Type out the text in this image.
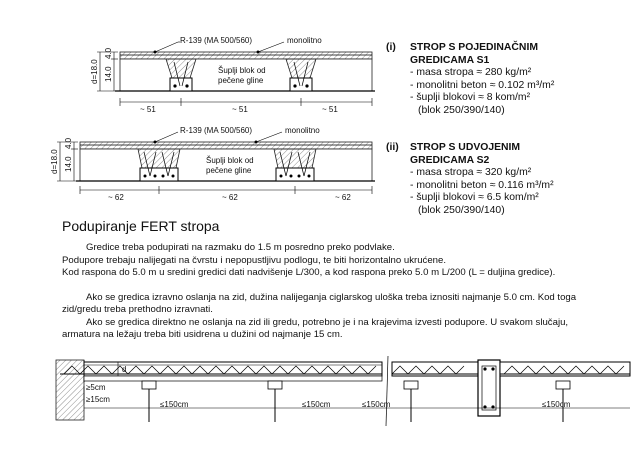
R-139 (MA 500/560)	monolitno
Šuplji blok od
pečene gline
d=18.0
4.0
14.0
~ 51	~ 51	~ 51
R-139 (MA 500/560)	monolitno
Šuplji blok od
pečene gline
d=18.0
4.0
14.0
~ 62	~ 62	~ 62
(i)	STROP S POJEDINAČNIM
GREDICAMA S1
- masa stropa ≈ 280 kg/m²
- monolitni beton ≈ 0.102 m³/m²
- šuplji blokovi ≈ 8 kom/m²
(blok 250/390/140)
(ii)	STROP S UDVOJENIM
GREDICAMA S2
- masa stropa ≈ 320 kg/m²
- monolitni beton ≈ 0.116 m³/m²
- šuplji blokovi ≈ 6.5 kom/m²
(blok 250/390/140)
Podupiranje FERT stropa

Gredice treba podupirati na razmaku do 1.5 m posredno preko podvlake.

Podupore trebaju nalijegati na čvrstu i nepopustljivu podlogu, te biti horizontalno ukrućene.

Kod raspona do 5.0 m u sredini gredici dati nadvišenje L/300, a kod raspona preko 5.0 m L/200 (L = duljina gredice).

Ako se gredica izravno oslanja na zid, dužina nalijeganja ciglarskog uloška treba iznositi najmanje 5.0 cm. Kod toga zid/gredu treba prethodno izravnati.

Ako se gredica direktno ne oslanja na zid ili gredu, potrebno je i na krajevima izvesti podupore. U svakom slučaju, armatura na ležaju treba biti usidrena u dužini od najmanje 15 cm.

d
≥5cm
≥15cm
≤150cm	≤150cm	≤150cm	≤150cm
